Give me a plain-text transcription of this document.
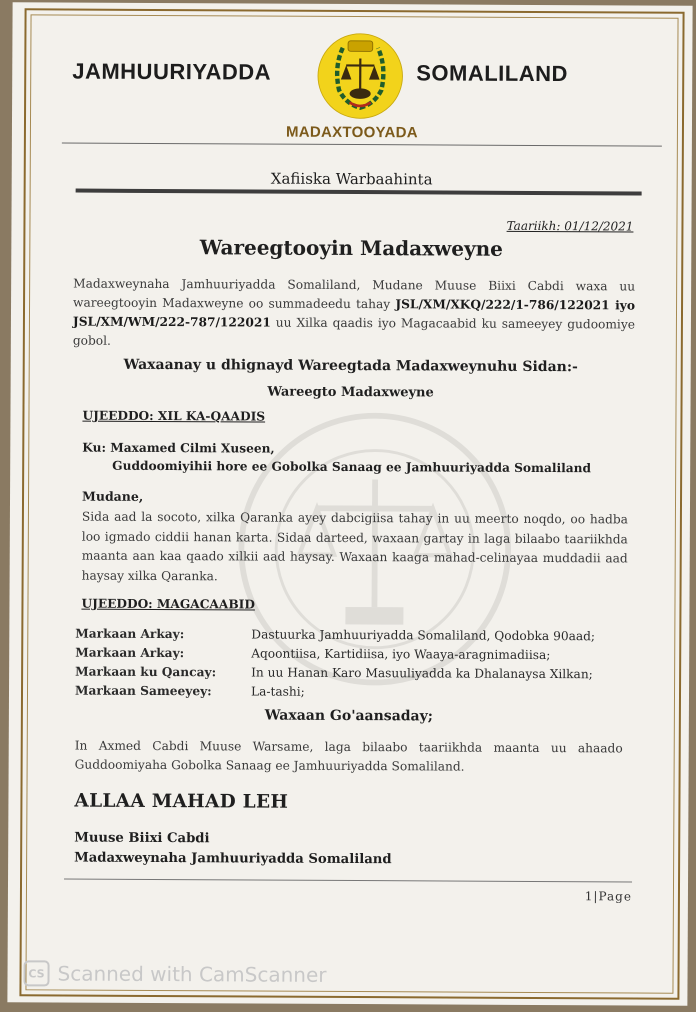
JAMHUURIYADDA	SOMALILAND
MADAXTOOYADA
Xafiiska Warbaahinta
Taariikh: 01/12/2021
Wareegtooyin Madaxweyne
Madaxweynaha Jamhuuriyadda Somaliland, Mudane Muuse Biixi Cabdi waxa uu wareegtooyin Madaxweyne oo summadeedu tahay JSL/XM/XKQ/222/1-786/122021 iyo JSL/XM/WM/222-787/122021 uu Xilka qaadis iyo Magacaabid ku sameeyey gudoomiye gobol.
Waxaanay u dhignayd Wareegtada Madaxweynuhu Sidan:-
Wareegto Madaxweyne
UJEEDDO: XIL KA-QAADIS
Ku: Maxamed Cilmi Xuseen,
Guddoomiyihii hore ee Gobolka Sanaag ee Jamhuuriyadda Somaliland
Mudane,
Sida aad la socoto, xilka Qaranka ayey dabcigiisa tahay in uu meerto noqdo, oo hadba loo igmado ciddii hanan karta. Sidaa darteed, waxaan gartay in laga bilaabo taariikhda maanta aan kaa qaado xilkii aad haysay. Waxaan kaaga mahad-celinayaa muddadii aad haysay xilka Qaranka.
UJEEDDO: MAGACAABID
Markaan Arkay:	Dastuurka Jamhuuriyadda Somaliland, Qodobka 90aad;
Markaan Arkay:	Aqoontiisa, Kartidiisa, iyo Waaya-aragnimadiisa;
Markaan ku Qancay:	In uu Hanan Karo Masuuliyadda ka Dhalanaysa Xilkan;
Markaan Sameeyey:	La-tashi;
Waxaan Go'aansaday;
In Axmed Cabdi Muuse Warsame, laga bilaabo taariikhda maanta uu ahaado Guddoomiyaha Gobolka Sanaag ee Jamhuuriyadda Somaliland.
ALLAA MAHAD LEH
Muuse Biixi Cabdi
Madaxweynaha Jamhuuriyadda Somaliland
1|Page
CS Scanned with CamScanner
